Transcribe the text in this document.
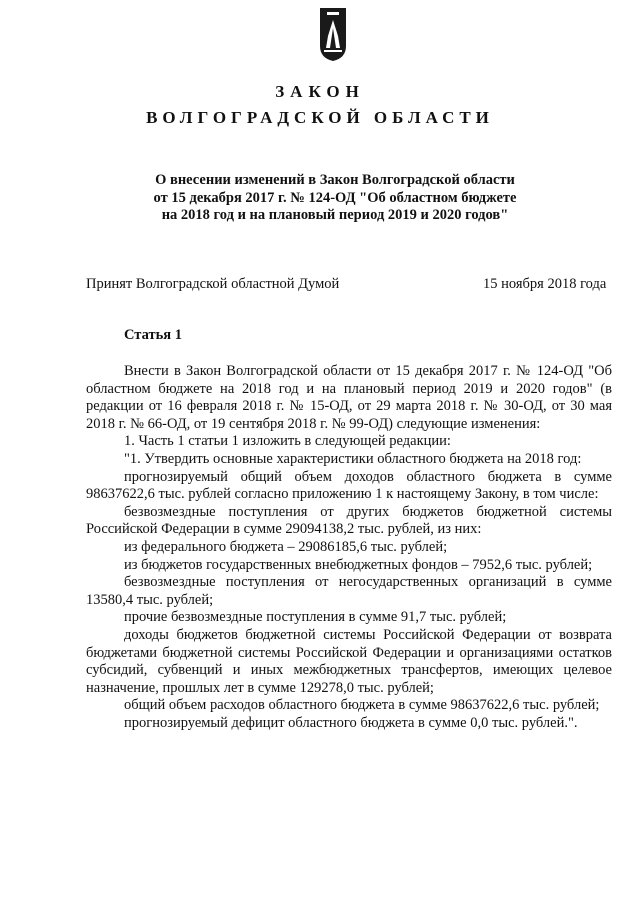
ЗАКОН
ВОЛГОГРАДСКОЙ ОБЛАСТИ
О внесении изменений в Закон Волгоградской области от 15 декабря 2017 г. № 124-ОД "Об областном бюджете на 2018 год и на плановый период 2019 и 2020 годов"
Принят Волгоградской областной Думой	15 ноября 2018 года
Статья 1

Внести в Закон Волгоградской области от 15 декабря 2017 г. № 124-ОД "Об областном бюджете на 2018 год и на плановый период 2019 и 2020 годов" (в редакции от 16 февраля 2018 г. № 15-ОД, от 29 марта 2018 г. № 30-ОД, от 30 мая 2018 г. № 66-ОД, от 19 сентября 2018 г. № 99-ОД) следующие изменения:

1. Часть 1 статьи 1 изложить в следующей редакции:

"1. Утвердить основные характеристики областного бюджета на 2018 год:

прогнозируемый общий объем доходов областного бюджета в сумме 98637622,6 тыс. рублей согласно приложению 1 к настоящему Закону, в том числе:

безвозмездные поступления от других бюджетов бюджетной системы Российской Федерации в сумме 29094138,2 тыс. рублей, из них:

из федерального бюджета – 29086185,6 тыс. рублей;

из бюджетов государственных внебюджетных фондов – 7952,6 тыс. рублей;

безвозмездные поступления от негосударственных организаций в сумме 13580,4 тыс. рублей;

прочие безвозмездные поступления в сумме 91,7 тыс. рублей;

доходы бюджетов бюджетной системы Российской Федерации от возврата бюджетами бюджетной системы Российской Федерации и организациями остатков субсидий, субвенций и иных межбюджетных трансфертов, имеющих целевое назначение, прошлых лет в сумме 129278,0 тыс. рублей;

общий объем расходов областного бюджета в сумме 98637622,6 тыс. рублей;

прогнозируемый дефицит областного бюджета в сумме 0,0 тыс. рублей.".
